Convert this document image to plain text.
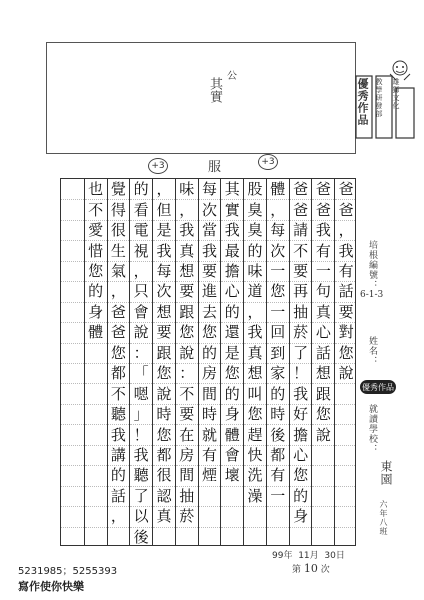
公
其實	優秀作品	雄獅文化
教學研發部
+3	服	+3
爸
爸
，
我
有
話
要
對
您
說
爸
爸
我
有
一
句
真
心
話
想
跟
您
說
爸
爸
請
不
要
再
抽
菸
了
！
我
好
擔
心
您
的
身
體
，
每
次
一
您
一
回
到
家
的
時
後
都
有
一
股
臭
臭
的
味
道
，
我
真
想
叫
您
趕
快
洗
澡
其
實
我
最
擔
心
的
還
是
您
的
身
體
會
壞
每
次
當
我
要
進
去
您
的
房
間
時
就
有
煙
味
，
我
真
想
要
跟
您
說
：
不
要
在
房
間
抽
菸
，
但
是
我
每
次
想
要
跟
您
說
時
您
都
很
認
真
的
看
電
視
，
只
會
說
：
「
嗯
」
！
我
聽
了
以
後
覺
得
很
生
氣
，
爸
爸
您
都
不
聽
我
講
的
話
，
也
不
愛
惜
您
的
身
體
培根編號：
6-1-3
姓名：
優秀作品
就讀學校：
東園
六年八班
99年 11月 30日
第 10 次
5231985；5255393
寫作使你快樂
